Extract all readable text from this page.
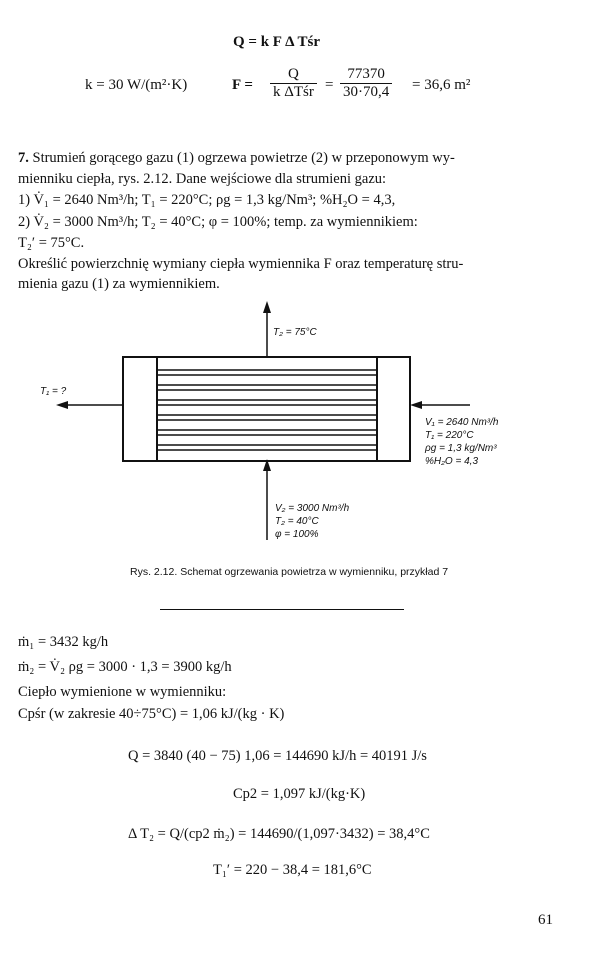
Q = k F Δ Tśr
k = 30 W/(m²·K)	F =
Q
k ΔTśr = $\frac{77370}{30\cdot 70,4} = 36,6$ m²
7. Strumień gorącego gazu (1) ogrzewa powietrze (2) w przeponowym wy-
mienniku ciepła, rys. 2.12. Dane wejściowe dla strumieni gazu:
1) V̇₁ = 2640 Nm³/h; T₁ = 220°C; ρg = 1,3 kg/Nm³; %H₂O = 4,3,
2) V̇₂ = 3000 Nm³/h; T₂ = 40°C; φ = 100%; temp. za wymiennikiem:
T₂′ = 75°C.
Określić powierzchnię wymiany ciepła wymiennika F oraz temperaturę stru-
mienia gazu (1) za wymiennikiem.
T₂ = 75°C
T₁ = ?
V₁ = 2640 Nm³/h
T₁ = 220°C
ρg = 1,3 kg/Nm³
%H₂O = 4,3
V₂ = 3000 Nm³/h
T₂ = 40°C
φ = 100%
Rys. 2.12. Schemat ogrzewania powietrza w wymienniku, przykład 7
ṁ₁ = 3432 kg/h
ṁ₂ = V̇₂ ρg = 3000 · 1,3 = 3900 kg/h
Ciepło wymienione w wymienniku:
Cpśr (w zakresie 40÷75°C) = 1,06 kJ/(kg · K)
Q = 3840 (40 − 75) 1,06 = 144690 kJ/h = 40191 J/s
Cp2 = 1,097 kJ/(kg·K)
Δ T₂ = Q/(cp2 ṁ₂) = 144690/(1,097·3432) = 38,4°C
T₁′ = 220 − 38,4 = 181,6°C
61
